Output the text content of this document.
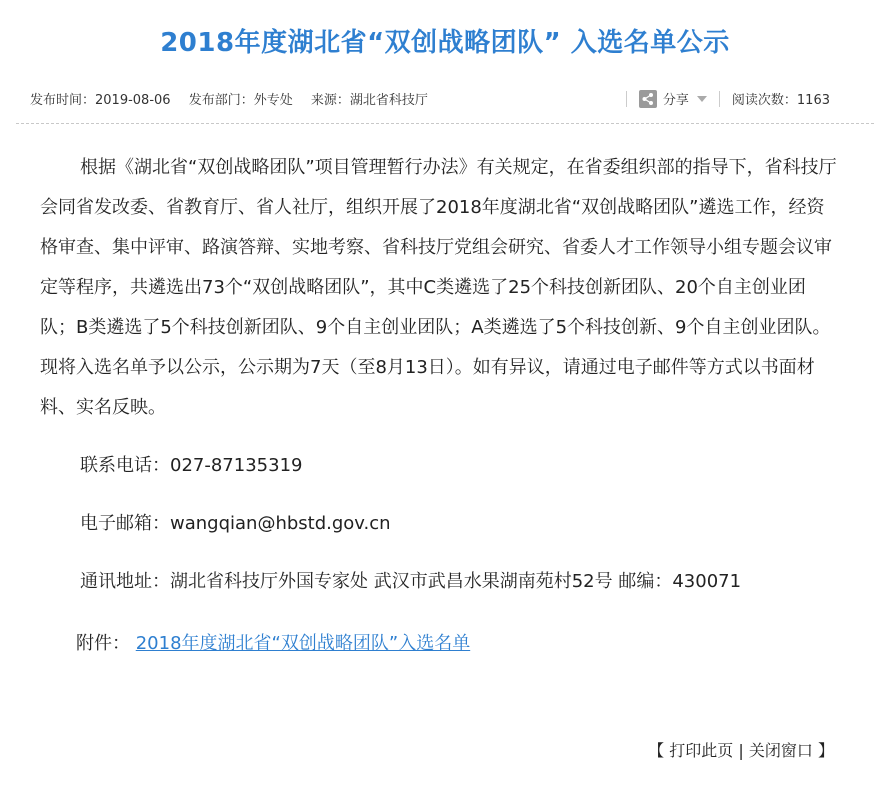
2018年度湖北省“双创战略团队” 入选名单公示
发布时间：2019-08-06 发布部门：外专处 来源：湖北省科技厅	分享	阅读次数：1163

根据《湖北省“双创战略团队”项目管理暂行办法》有关规定，在省委组织部的指导下，省科技厅会同省发改委、省教育厅、省人社厅，组织开展了2018年度湖北省“双创战略团队”遴选工作，经资格审查、集中评审、路演答辩、实地考察、省科技厅党组会研究、省委人才工作领导小组专题会议审定等程序，共遴选出73个“双创战略团队”，其中C类遴选了25个科技创新团队、20个自主创业团队；B类遴选了5个科技创新团队、9个自主创业团队；A类遴选了5个科技创新、9个自主创业团队。现将入选名单予以公示，公示期为7天（至8月13日）。如有异议，请通过电子邮件等方式以书面材料、实名反映。

联系电话：027-87135319

电子邮箱：wangqian@hbstd.gov.cn

通讯地址：湖北省科技厅外国专家处 武汉市武昌水果湖南苑村52号 邮编：430071

附件： 2018年度湖北省“双创战略团队”入选名单

【 打印此页 | 关闭窗口 】
